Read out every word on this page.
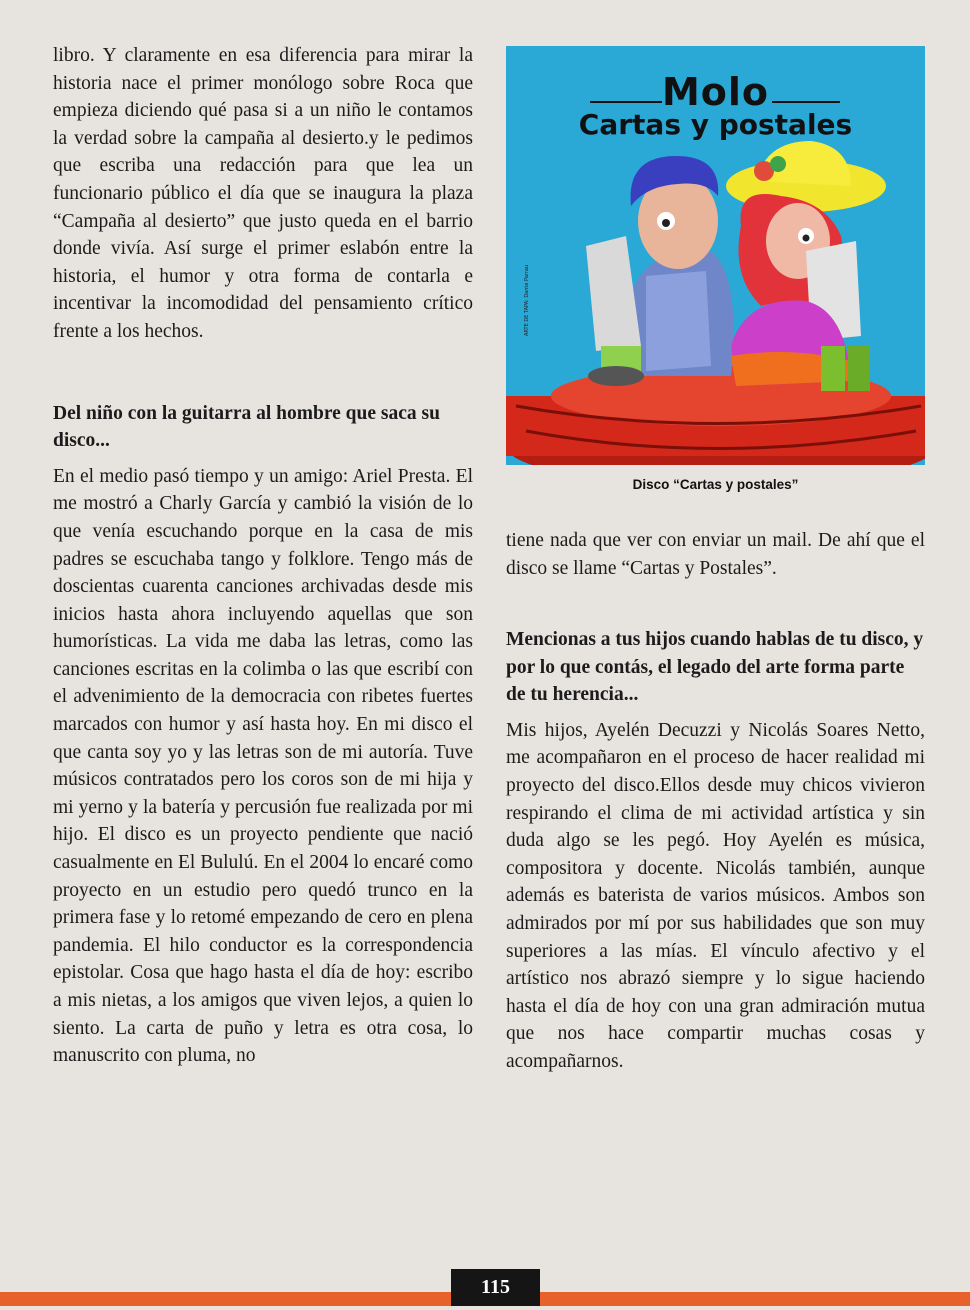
libro. Y claramente en esa diferencia para mirar la historia nace el primer monólogo sobre Roca que empieza diciendo qué pasa si a un niño le contamos la verdad sobre la campaña al desierto.y le pedimos que escriba una redacción para que lea un funcionario público el día que se inaugura la plaza “Campaña al desierto” que justo queda en el barrio donde vivía. Así surge el primer eslabón entre la historia, el humor y otra forma de contarla e incentivar la incomodidad del pensamiento crítico frente a los hechos.

Del niño con la guitarra al hombre que saca su disco...

En el medio pasó tiempo y un amigo: Ariel Presta. El me mostró a Charly García y cambió la visión de lo que venía escuchando porque en la casa de mis padres se escuchaba tango y folklore. Tengo más de doscientas cuarenta canciones archivadas desde mis inicios hasta ahora incluyendo aquellas que son humorísticas. La vida me daba las letras, como las canciones escritas en la colimba o las que escribí con el advenimiento de la democracia con ribetes fuertes marcados con humor y así hasta hoy. En mi disco el que canta soy yo y las letras son de mi autoría. Tuve músicos contratados pero los coros son de mi hija y mi yerno y la batería y percusión fue realizada por mi hijo. El disco es un proyecto pendiente que nació casualmente en El Bululú. En el 2004 lo encaré como proyecto en un estudio pero quedó trunco en la primera fase y lo retomé empezando de cero en plena pandemia. El hilo conductor es la correspondencia epistolar. Cosa que hago hasta el día de hoy: escribo a mis nietas, a los amigos que viven lejos, a quien lo siento. La carta de puño y letra es otra cosa, lo manuscrito con pluma, no

Molo
Cartas y postales
ARTE DE TAPA: Dante Parrau
Disco “Cartas y postales”

tiene nada que ver con enviar un mail. De ahí que el disco se llame “Cartas y Postales”.

Mencionas a tus hijos cuando hablas de tu disco, y por lo que contás, el legado del arte forma parte de tu herencia...

Mis hijos, Ayelén Decuzzi y Nicolás Soares Netto, me acompañaron en el proceso de hacer realidad mi proyecto del disco.Ellos desde muy chicos vivieron respirando el clima de mi actividad artística y sin duda algo se les pegó. Hoy Ayelén es música, compositora y docente. Nicolás también, aunque además es baterista de varios músicos. Ambos son admirados por mí por sus habilidades que son muy superiores a las mías. El vínculo afectivo y el artístico nos abrazó siempre y lo sigue haciendo hasta el día de hoy con una gran admiración mutua que nos hace compartir muchas cosas y acompañarnos.

115
